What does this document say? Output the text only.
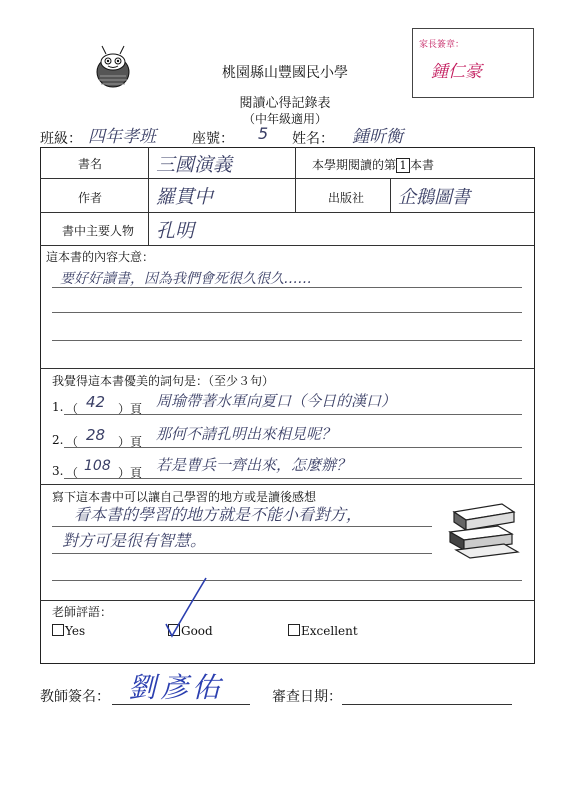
桃園縣山豐國民小學
閱讀心得記錄表
（中年級適用）
家長簽章：
鍾仁豪
班級： 四年孝班	座號： 5 姓名： 鍾昕衡
書名	三國演義	本學期閱讀的第 1 本書
作者	羅貫中	出版社 企鵝圖書
書中主要人物 孔明
這本書的內容大意：
要好好讀書，因為我們會死很久很久……
我覺得這本書優美的詞句是：（至少３句）
1. （ 42 ）頁 周瑜帶著水軍向夏口（今日的漢口）
2. （ 28 ）頁 那何不請孔明出來相見呢？
3. （ 108 ）頁 若是曹兵一齊出來，怎麼辦？
寫下這本書中可以讓自己學習的地方或是讀後感想
看本書的學習的地方就是不能小看對方，
對方可是很有智慧。
老師評語：
Yes	Good	Excellent
教師簽名： 劉彥佑	審查日期：
